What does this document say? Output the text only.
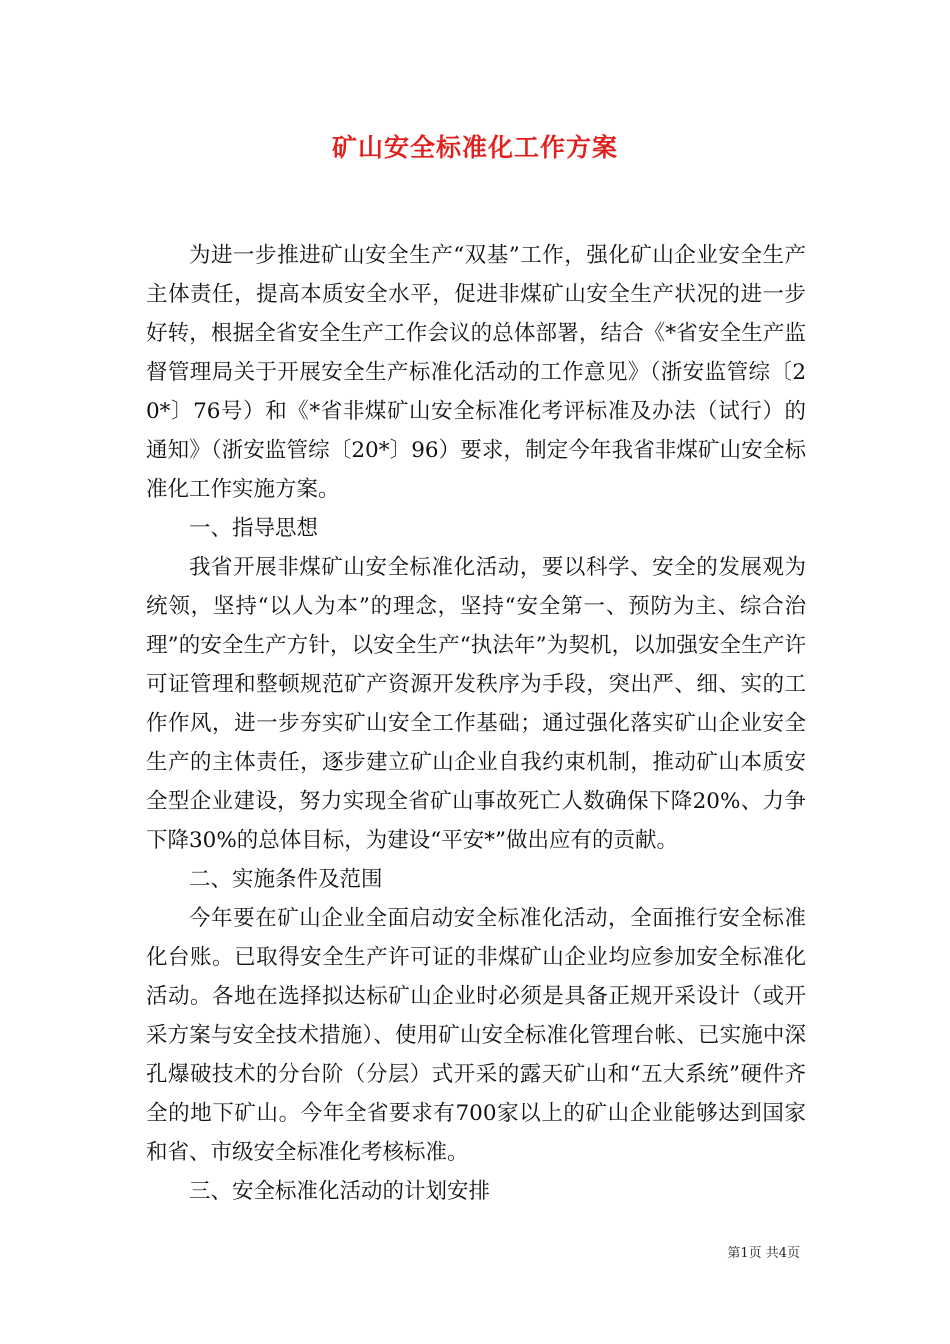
矿山安全标准化工作方案

为进一步推进矿山安全生产“双基”工作，强化矿山企业安全生产主体责任，提高本质安全水平，促进非煤矿山安全生产状况的进一步好转，根据全省安全生产工作会议的总体部署，结合《*省安全生产监督管理局关于开展安全生产标准化活动的工作意见》（浙安监管综〔20*〕76号）和《*省非煤矿山安全标准化考评标准及办法（试行）的通知》（浙安监管综〔20*〕96）要求，制定今年我省非煤矿山安全标准化工作实施方案。

一、指导思想

我省开展非煤矿山安全标准化活动，要以科学、安全的发展观为统领，坚持“以人为本”的理念，坚持“安全第一、预防为主、综合治理”的安全生产方针，以安全生产“执法年”为契机，以加强安全生产许可证管理和整顿规范矿产资源开发秩序为手段，突出严、细、实的工作作风，进一步夯实矿山安全工作基础；通过强化落实矿山企业安全生产的主体责任，逐步建立矿山企业自我约束机制，推动矿山本质安全型企业建设，努力实现全省矿山事故死亡人数确保下降20%、力争下降30%的总体目标，为建设“平安*”做出应有的贡献。

二、实施条件及范围

今年要在矿山企业全面启动安全标准化活动，全面推行安全标准化台账。已取得安全生产许可证的非煤矿山企业均应参加安全标准化活动。各地在选择拟达标矿山企业时必须是具备正规开采设计（或开采方案与安全技术措施）、使用矿山安全标准化管理台帐、已实施中深孔爆破技术的分台阶（分层）式开采的露天矿山和“五大系统”硬件齐全的地下矿山。今年全省要求有700家以上的矿山企业能够达到国家和省、市级安全标准化考核标准。

三、安全标准化活动的计划安排

第1页 共4页
